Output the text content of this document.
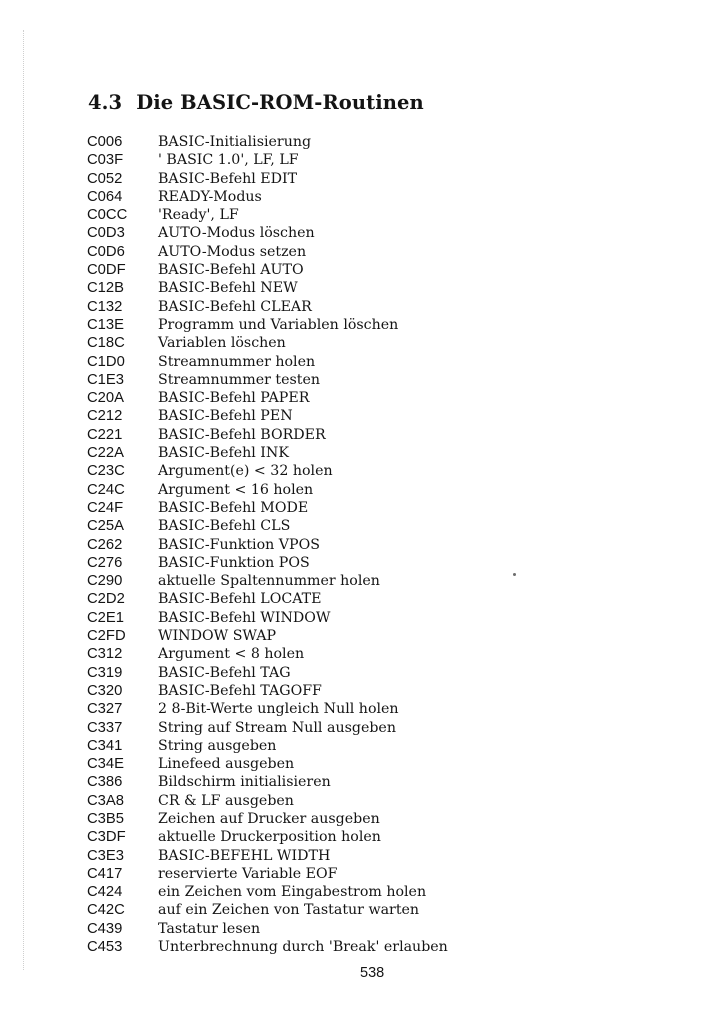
4.3 Die BASIC-ROM-Routinen
C006	BASIC-Initialisierung
C03F	' BASIC 1.0', LF, LF
C052	BASIC-Befehl EDIT
C064	READY-Modus
C0CC	'Ready', LF
C0D3	AUTO-Modus löschen
C0D6	AUTO-Modus setzen
C0DF	BASIC-Befehl AUTO
C12B	BASIC-Befehl NEW
C132	BASIC-Befehl CLEAR
C13E	Programm und Variablen löschen
C18C	Variablen löschen
C1D0	Streamnummer holen
C1E3	Streamnummer testen
C20A	BASIC-Befehl PAPER
C212	BASIC-Befehl PEN
C221	BASIC-Befehl BORDER
C22A	BASIC-Befehl INK
C23C	Argument(e) < 32 holen
C24C	Argument < 16 holen
C24F	BASIC-Befehl MODE
C25A	BASIC-Befehl CLS
C262	BASIC-Funktion VPOS
C276	BASIC-Funktion POS
C290	aktuelle Spaltennummer holen
C2D2	BASIC-Befehl LOCATE
C2E1	BASIC-Befehl WINDOW
C2FD	WINDOW SWAP
C312	Argument < 8 holen
C319	BASIC-Befehl TAG
C320	BASIC-Befehl TAGOFF
C327	2 8-Bit-Werte ungleich Null holen
C337	String auf Stream Null ausgeben
C341	String ausgeben
C34E	Linefeed ausgeben
C386	Bildschirm initialisieren
C3A8	CR & LF ausgeben
C3B5	Zeichen auf Drucker ausgeben
C3DF	aktuelle Druckerposition holen
C3E3	BASIC-BEFEHL WIDTH
C417	reservierte Variable EOF
C424	ein Zeichen vom Eingabestrom holen
C42C	auf ein Zeichen von Tastatur warten
C439	Tastatur lesen
C453	Unterbrechnung durch 'Break' erlauben
538
